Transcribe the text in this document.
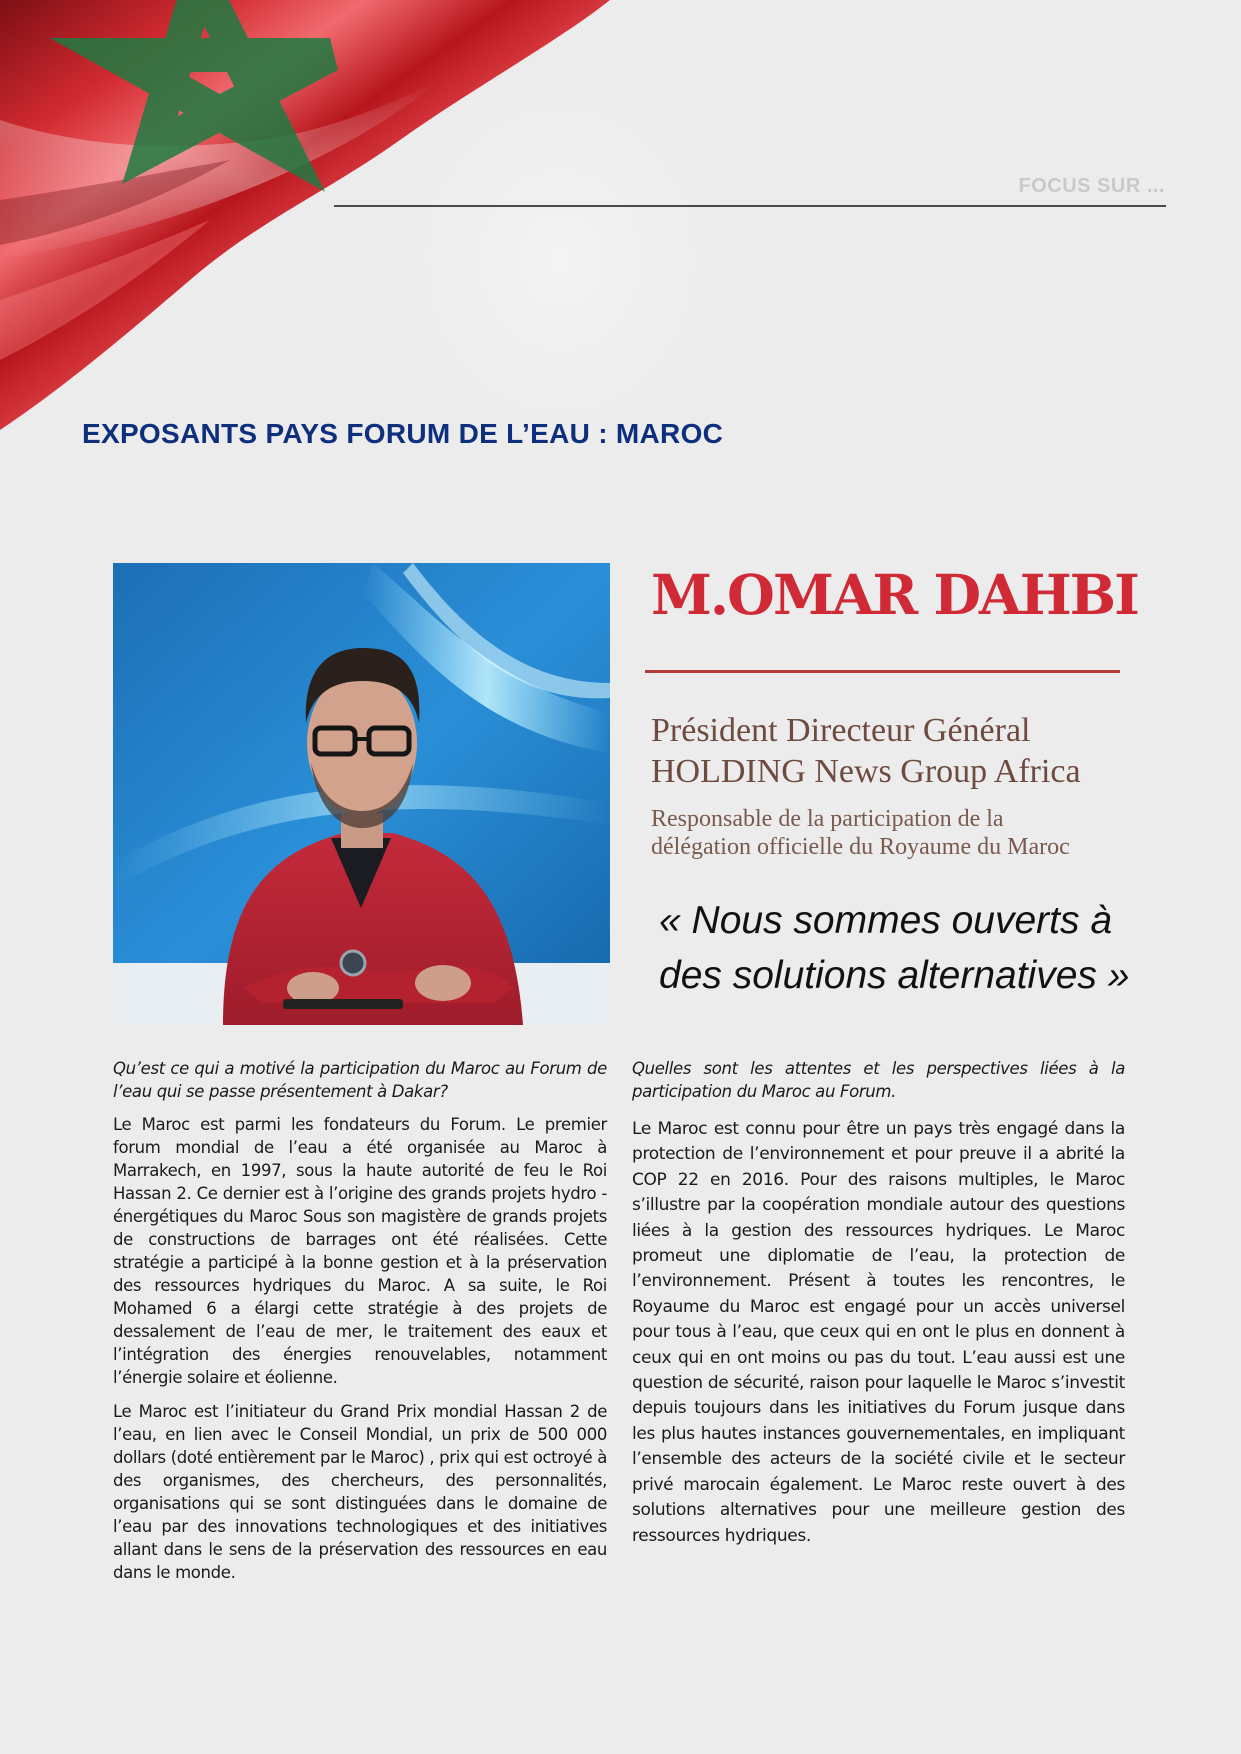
FOCUS SUR ...
EXPOSANTS PAYS FORUM DE L’EAU : MAROC
M.OMAR DAHBI
Président Directeur Général
HOLDING News Group Africa
Responsable de la participation de la
délégation officielle du Royaume du Maroc
« Nous sommes ouverts à
des solutions alternatives »

Qu’est ce qui a motivé la participation du Maroc au Forum de l’eau qui se passe présentement à Dakar?

Le Maroc est parmi les fondateurs du Forum. Le premier forum mondial de l’eau a été organisée au Maroc à Marrakech, en 1997, sous la haute autorité de feu le Roi Hassan 2. Ce dernier est à l’origine des grands projets hydro - énergétiques du Maroc Sous son magistère de grands projets de constructions de barrages ont été réalisées. Cette stratégie a participé à la bonne gestion et à la préservation des ressources hydriques du Maroc. A sa suite, le Roi Mohamed 6 a élargi cette stratégie à des projets de dessalement de l’eau de mer, le traitement des eaux et l’intégration des énergies renouvelables, notamment l’énergie solaire et éolienne.

Le Maroc est l’initiateur du Grand Prix mondial Hassan 2 de l’eau, en lien avec le Conseil Mondial, un prix de 500 000 dollars (doté entièrement par le Maroc) , prix qui est octroyé à des organismes, des chercheurs, des personnalités, organisations qui se sont distinguées dans le domaine de l’eau par des innovations technologiques et des initiatives allant dans le sens de la préservation des ressources en eau dans le monde.

Quelles sont les attentes et les perspectives liées à la participation du Maroc au Forum.

Le Maroc est connu pour être un pays très engagé dans la protection de l’environnement et pour preuve il a abrité la COP 22 en 2016. Pour des raisons multiples, le Maroc s’illustre par la coopération mondiale autour des questions liées à la gestion des ressources hydriques. Le Maroc promeut une diplomatie de l’eau, la protection de l’environnement. Présent à toutes les rencontres, le Royaume du Maroc est engagé pour un accès universel pour tous à l’eau, que ceux qui en ont le plus en donnent à ceux qui en ont moins ou pas du tout. L’eau aussi est une question de sécurité, raison pour laquelle le Maroc s’investit depuis toujours dans les initiatives du Forum jusque dans les plus hautes instances gouvernementales, en impliquant l’ensemble des acteurs de la société civile et le secteur privé marocain également. Le Maroc reste ouvert à des solutions alternatives pour une meilleure gestion des ressources hydriques.
